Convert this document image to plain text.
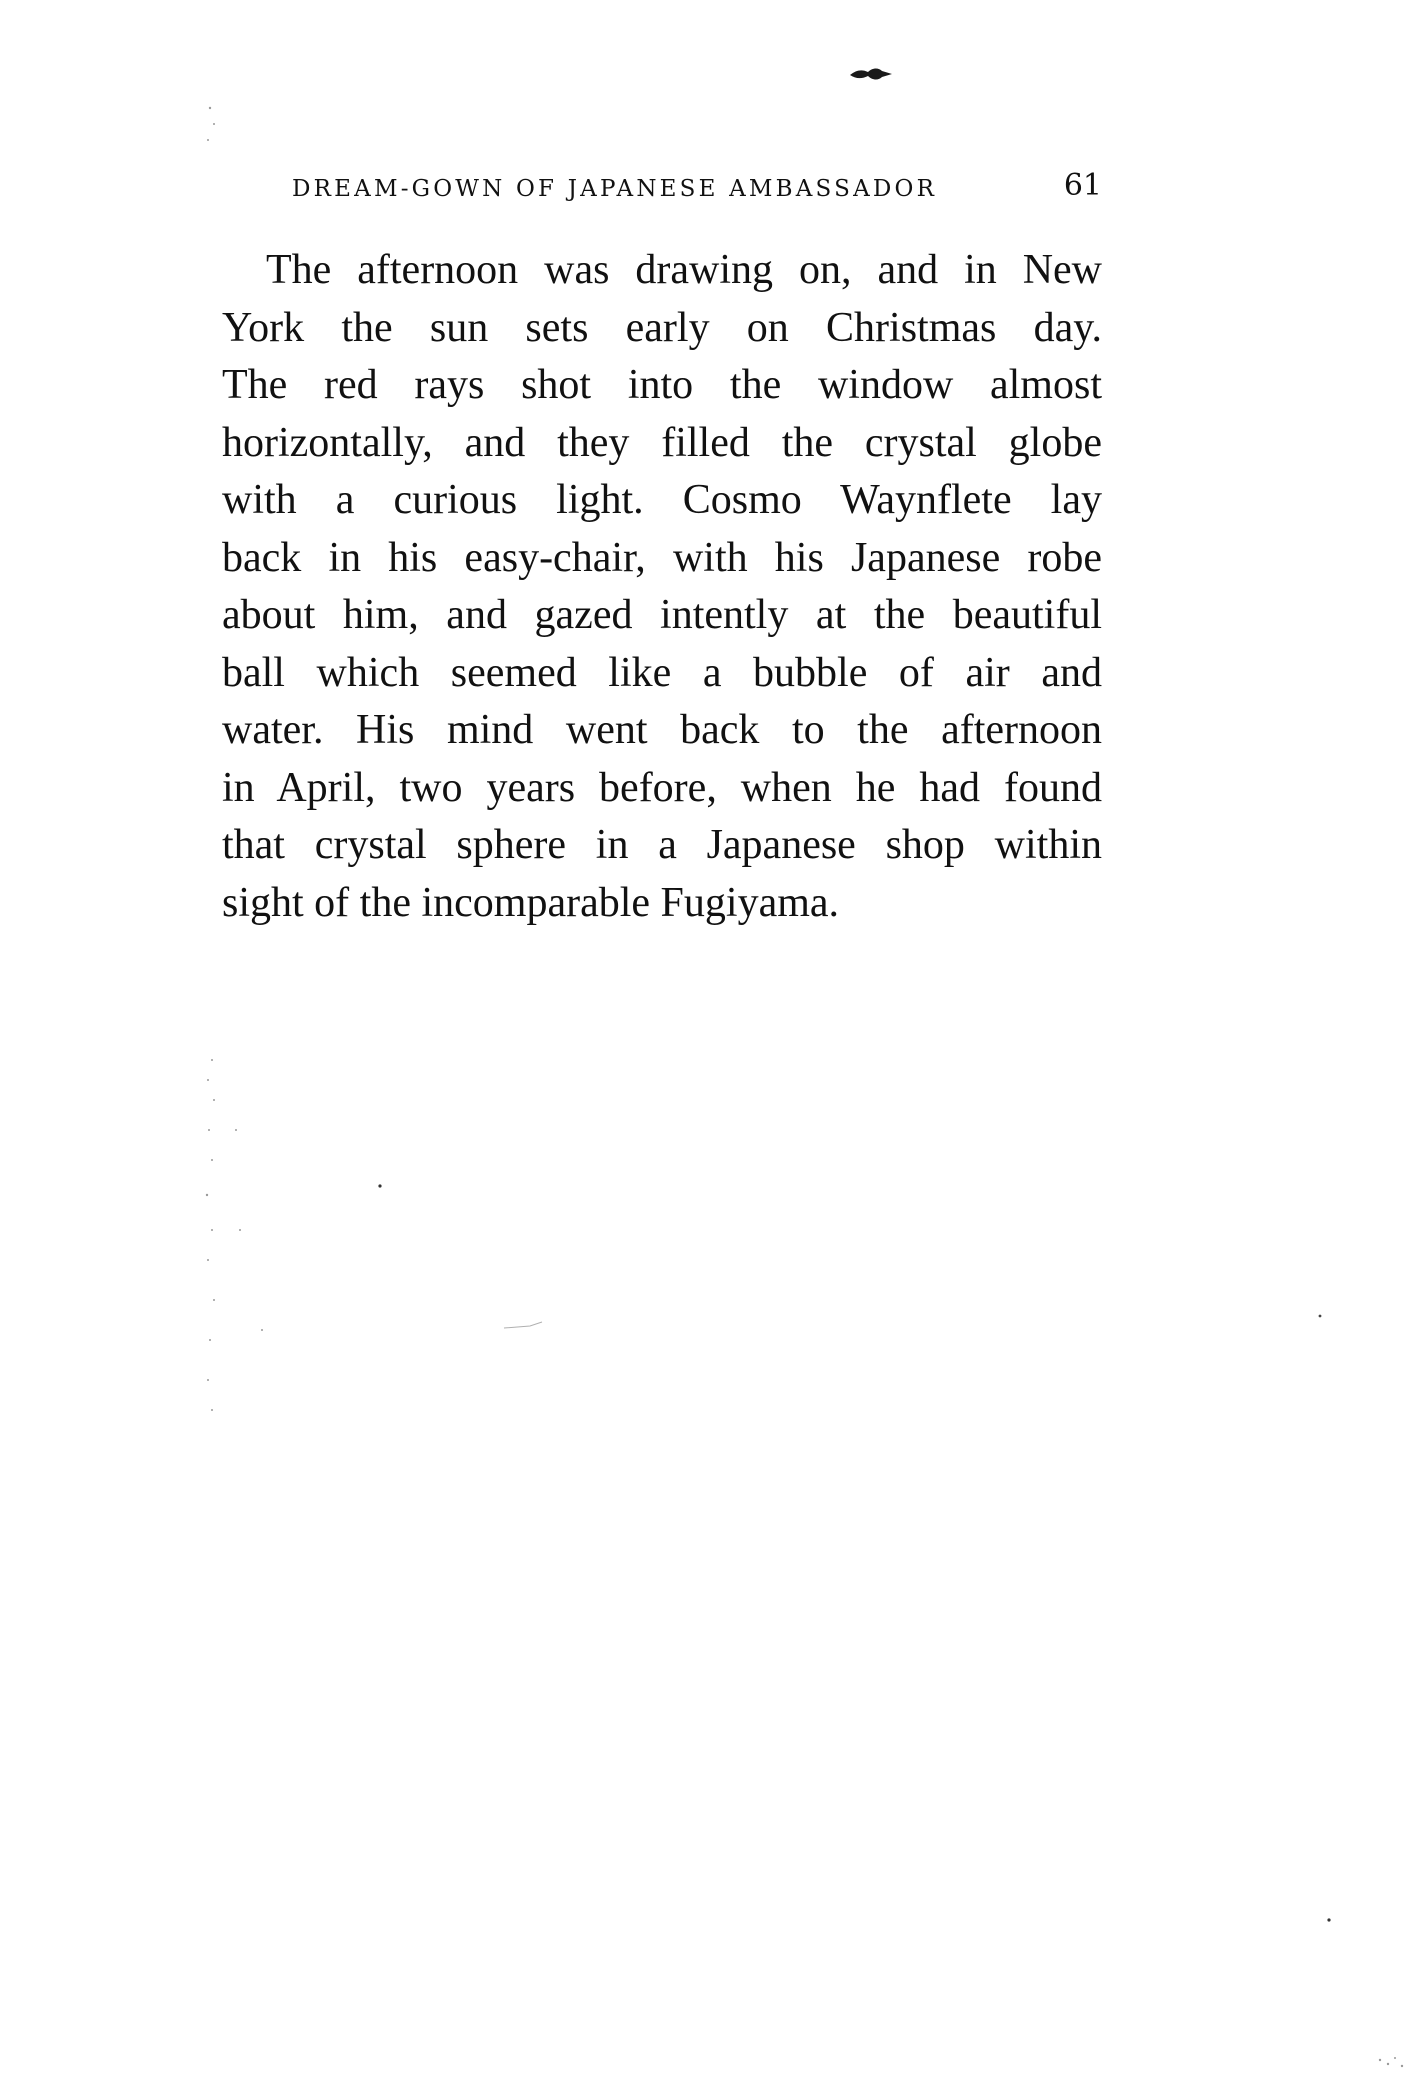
DREAM-GOWN OF JAPANESE AMBASSADOR	61
The afternoon was drawing on, and in New
York the sun sets early on Christmas day.
The red rays shot into the window almost
horizontally, and they filled the crystal globe
with a curious light. Cosmo Waynflete lay
back in his easy-chair, with his Japanese robe
about him, and gazed intently at the beautiful
ball which seemed like a bubble of air and
water. His mind went back to the afternoon
in April, two years before, when he had found
that crystal sphere in a Japanese shop within
sight of the incomparable Fugiyama.
